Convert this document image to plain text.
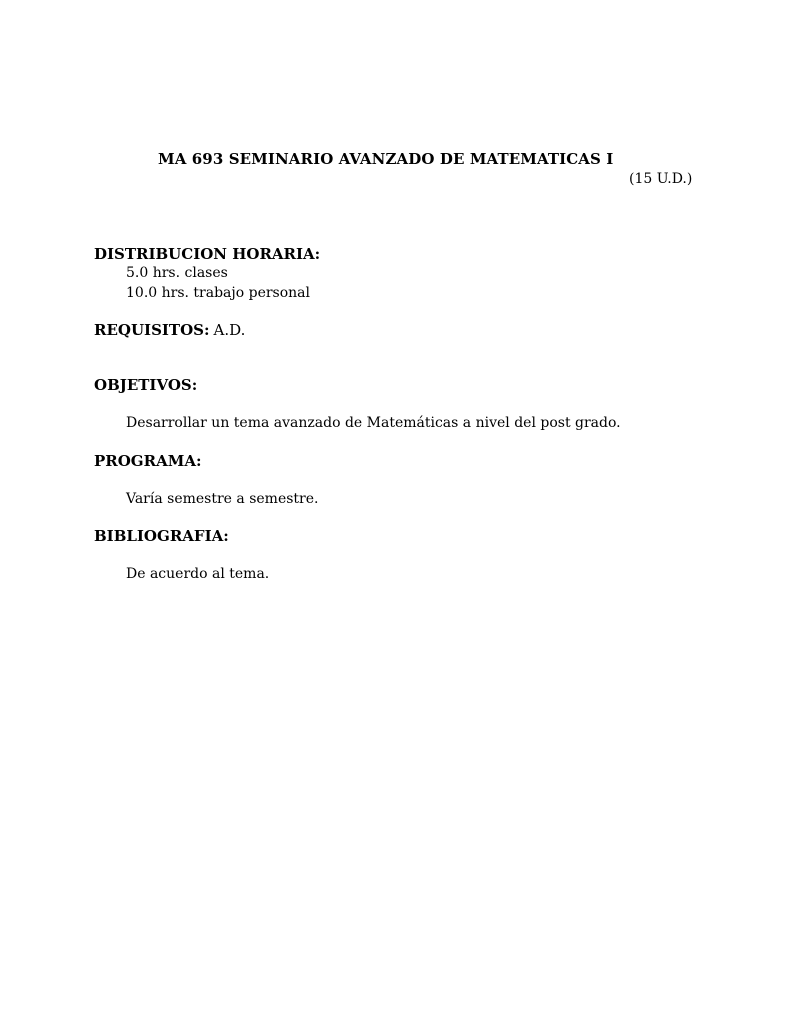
MA 693 SEMINARIO AVANZADO DE MATEMATICAS I
(15 U.D.)
DISTRIBUCION HORARIA:
5.0 hrs. clases
10.0 hrs. trabajo personal
REQUISITOS: A.D.
OBJETIVOS:
Desarrollar un tema avanzado de Matemáticas a nivel del post grado.
PROGRAMA:
Varía semestre a semestre.
BIBLIOGRAFIA:
De acuerdo al tema.
